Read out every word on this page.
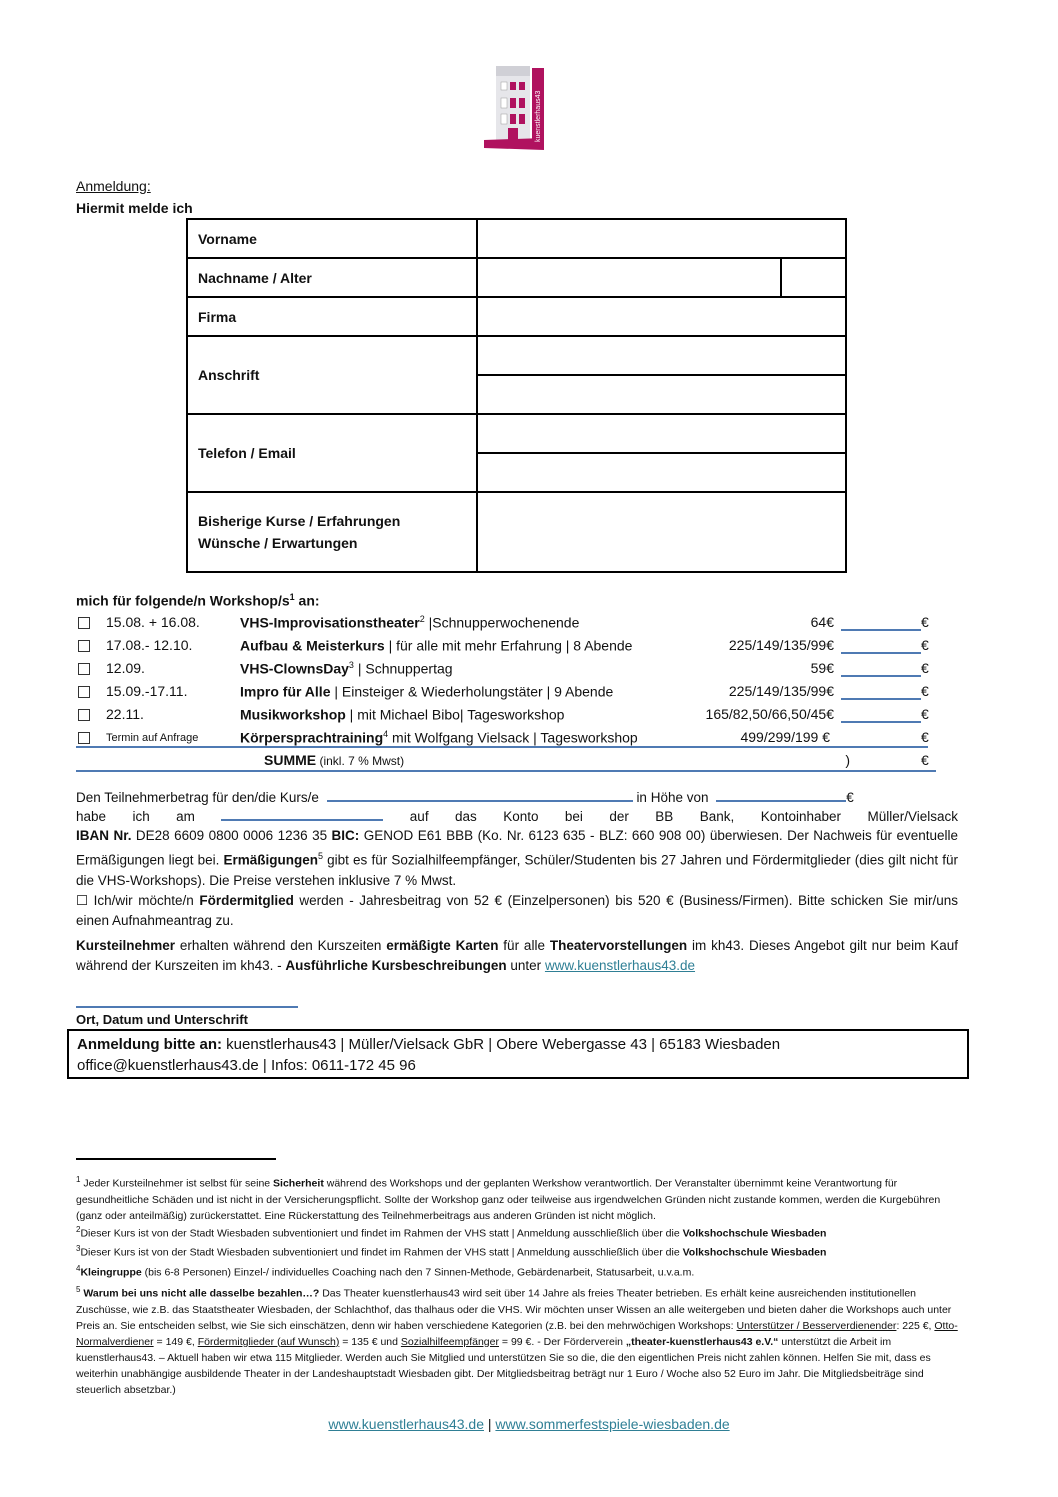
kuenstlerhaus43
Anmeldung:
Hiermit melde ich
Vorname		
Nachname / Alter		
Firma		
Anschrift		

Telefon / Email		

Bisherige Kurse / Erfahrungen
Wünsche / Erwartungen		

mich für folgende/n Workshop/$s^1$ an:
15.08. + 16.08.	VHS-Improvisationstheater$^2$ |Schnupperwochenende	64€	€
17.08.- 12.10.	Aufbau & Meisterkurs | für alle mit mehr Erfahrung | 8 Abende	225/149/135/99€	€
12.09.	VHS-ClownsDay$^3$ | Schnuppertag	59€	€
15.09.-17.11.	Impro für Alle | Einsteiger & Wiederholungstäter | 9 Abende	225/149/135/99€	€
22.11.	Musikworkshop | mit Michael Bibo| Tagesworkshop	165/82,50/66,50/45€	€
Termin auf Anfrage	Körpersprachtraining$^4$ mit Wolfgang Vielsack | Tagesworkshop	499/299/199 €	€
SUMME (inkl. 7 % Mwst)	)	€
Den Teilnehmerbetrag für den/die Kurs/e	in Höhe von	€
habe ich am	auf das Konto bei der BB Bank, Kontoinhaber Müller/Vielsack
IBAN Nr. DE28 6609 0800 0006 1236 35 BIC: GENOD E61 BBB (Ko. Nr. 6123 635 - BLZ: 660 908 00) überwiesen. Der Nachweis für eventuelle Ermäßigungen liegt bei. Ermäßigungen$^5$ gibt es für Sozialhilfeempfänger, Schüler/Studenten bis 27 Jahren und Fördermitglieder (dies gilt nicht für die VHS-Workshops). Die Preise verstehen inklusive 7 % Mwst.
☐ Ich/wir möchte/n Fördermitglied werden - Jahresbeitrag von 52 € (Einzelpersonen) bis 520 € (Business/Firmen). Bitte schicken Sie mir/uns einen Aufnahmeantrag zu.
Kursteilnehmer erhalten während den Kurszeiten ermäßigte Karten für alle Theatervorstellungen im kh43. Dieses Angebot gilt nur beim Kauf während der Kurszeiten im kh43. - Ausführliche Kursbeschreibungen unter www.kuenstlerhaus43.de
Ort, Datum und Unterschrift
Anmeldung bitte an: kuenstlerhaus43 | Müller/Vielsack GbR | Obere Webergasse 43 | 65183 Wiesbaden
office@kuenstlerhaus43.de | Infos: 0611-172 45 96
$^1$ Jeder Kursteilnehmer ist selbst für seine Sicherheit während des Workshops und der geplanten Werkshow verantwortlich. Der Veranstalter übernimmt keine Verantwortung für gesundheitliche Schäden und ist nicht in der Versicherungspflicht. Sollte der Workshop ganz oder teilweise aus irgendwelchen Gründen nicht zustande kommen, werden die Kurgebühren (ganz oder anteilmäßig) zurückerstattet. Eine Rückerstattung des Teilnehmerbeitrags aus anderen Gründen ist nicht möglich.
$^2$Dieser Kurs ist von der Stadt Wiesbaden subventioniert und findet im Rahmen der VHS statt | Anmeldung ausschließlich über die Volkshochschule Wiesbaden
$^3$Dieser Kurs ist von der Stadt Wiesbaden subventioniert und findet im Rahmen der VHS statt | Anmeldung ausschließlich über die Volkshochschule Wiesbaden
$^4$Kleingruppe (bis 6-8 Personen) Einzel-/ individuelles Coaching nach den 7 Sinnen-Methode, Gebärdenarbeit, Statusarbeit, u.v.a.m.
$^5$ Warum bei uns nicht alle dasselbe bezahlen…? Das Theater kuenstlerhaus43 wird seit über 14 Jahre als freies Theater betrieben. Es erhält keine ausreichenden institutionellen Zuschüsse, wie z.B. das Staatstheater Wiesbaden, der Schlachthof, das thalhaus oder die VHS. Wir möchten unser Wissen an alle weitergeben und bieten daher die Workshops auch unter Preis an. Sie entscheiden selbst, wie Sie sich einschätzen, denn wir haben verschiedene Kategorien (z.B. bei den mehrwöchigen Workshops: Unterstützer / Besserverdienender: 225 €, Otto-Normalverdiener = 149 €, Fördermitglieder (auf Wunsch) = 135 € und Sozialhilfeempfänger = 99 €. - Der Förderverein „theater-kuenstlerhaus43 e.V.“ unterstützt die Arbeit im kuenstlerhaus43. – Aktuell haben wir etwa 115 Mitglieder. Werden auch Sie Mitglied und unterstützen Sie so die, die den eigentlichen Preis nicht zahlen können. Helfen Sie mit, dass es weiterhin unabhängige ausbildende Theater in der Landeshauptstadt Wiesbaden gibt. Der Mitgliedsbeitrag beträgt nur 1 Euro / Woche also 52 Euro im Jahr. Die Mitgliedsbeiträge sind steuerlich absetzbar.)
www.kuenstlerhaus43.de | www.sommerfestspiele-wiesbaden.de
